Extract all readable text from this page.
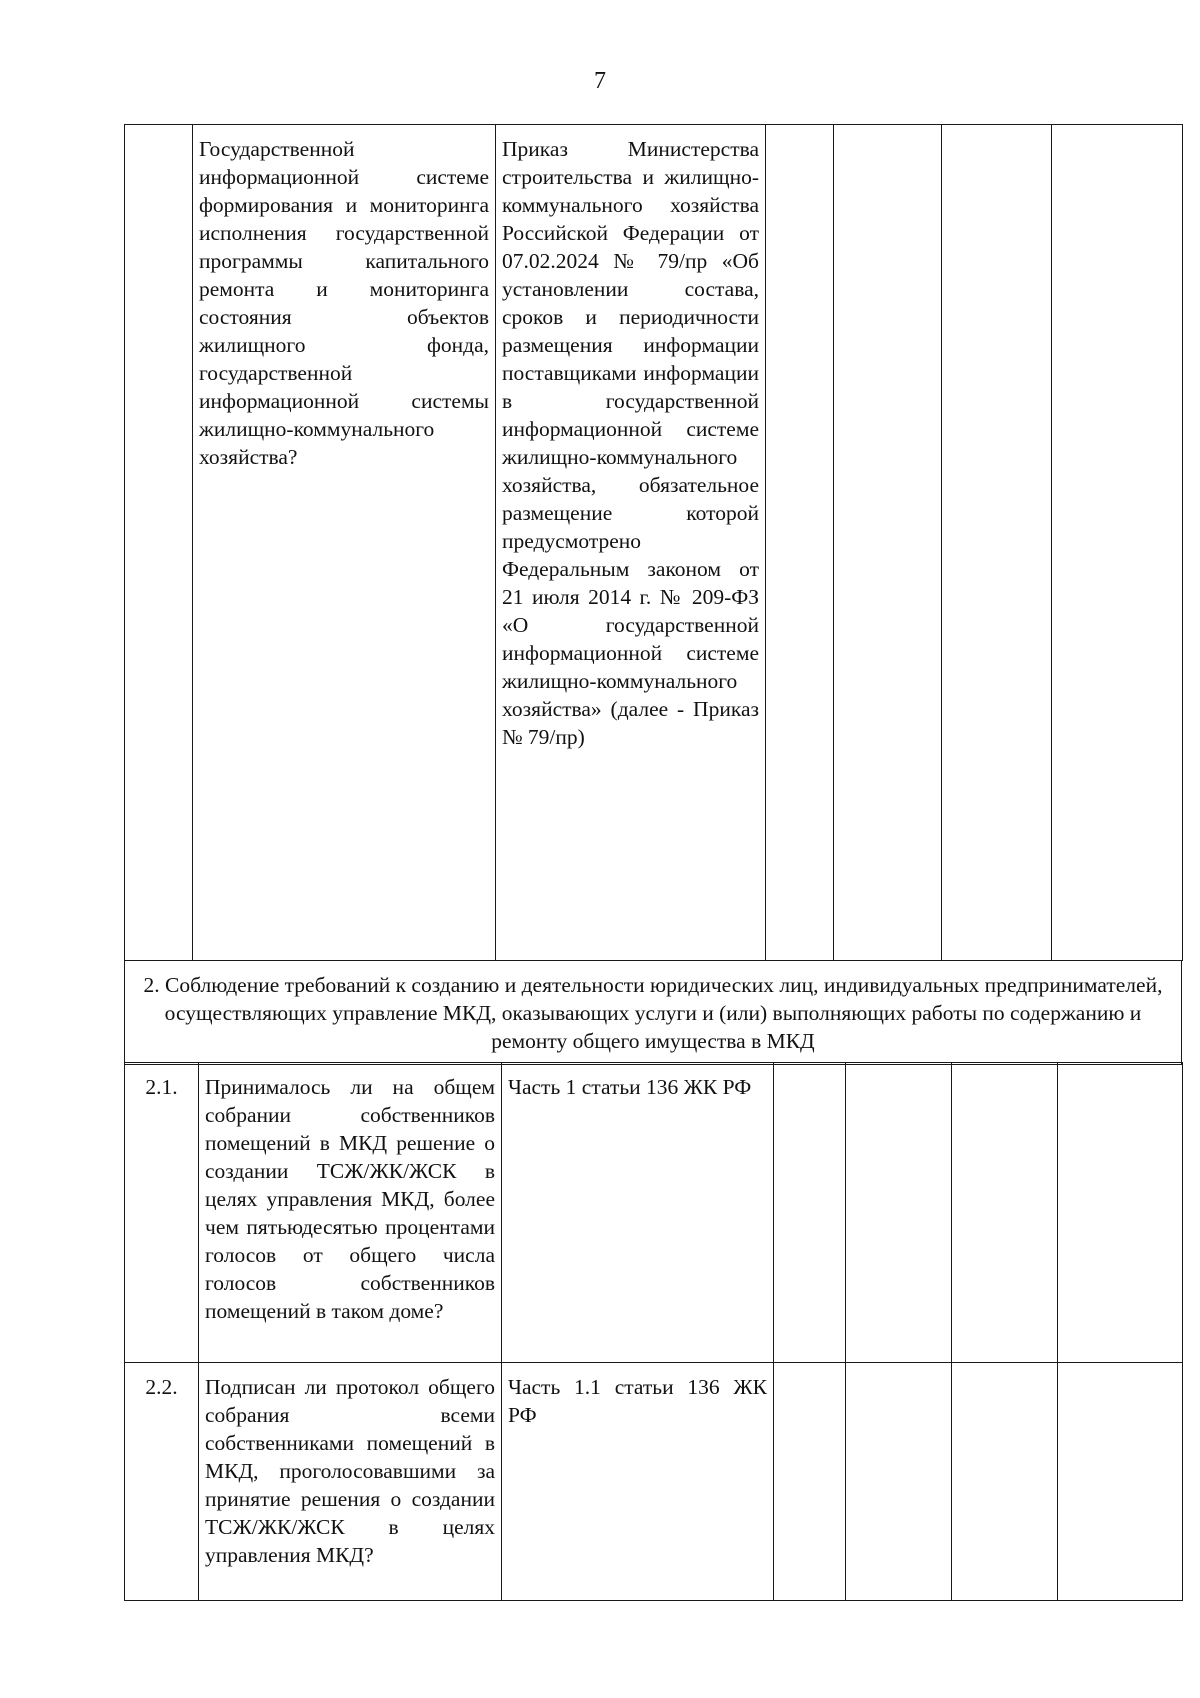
7
	Государственной информационной системе формирования и мониторинга исполнения государственной программы капитального ремонта и мониторинга состояния объектов жилищного фонда, государственной информационной системы жилищно-коммунального хозяйства?	Приказ Министерства строительства и жилищно-коммунального хозяйства Российской Федерации от 07.02.2024 № 79/пр «Об установлении состава, сроков и периодичности размещения информации поставщиками информации в государственной информационной системе жилищно-коммунального хозяйства, обязательное размещение которой предусмотрено Федеральным законом от 21 июля 2014 г. № 209-ФЗ «О государственной информационной системе жилищно-коммунального хозяйства» (далее - Приказ № 79/пр)				
2. Соблюдение требований к созданию и деятельности юридических лиц, индивидуальных предпринимателей, осуществляющих управление МКД, оказывающих услуги и (или) выполняющих работы по содержанию и ремонту общего имущества в МКД
2.1.	Принималось ли на общем собрании собственников помещений в МКД решение о создании ТСЖ/ЖК/ЖСК в целях управления МКД, более чем пятьюдесятью процентами голосов от общего числа голосов собственников помещений в таком доме?	Часть 1 статьи 136 ЖК РФ				
2.2.	Подписан ли протокол общего собрания всеми собственниками помещений в МКД, проголосовавшими за принятие решения о создании ТСЖ/ЖК/ЖСК в целях управления МКД?	Часть 1.1 статьи 136 ЖК РФ				
